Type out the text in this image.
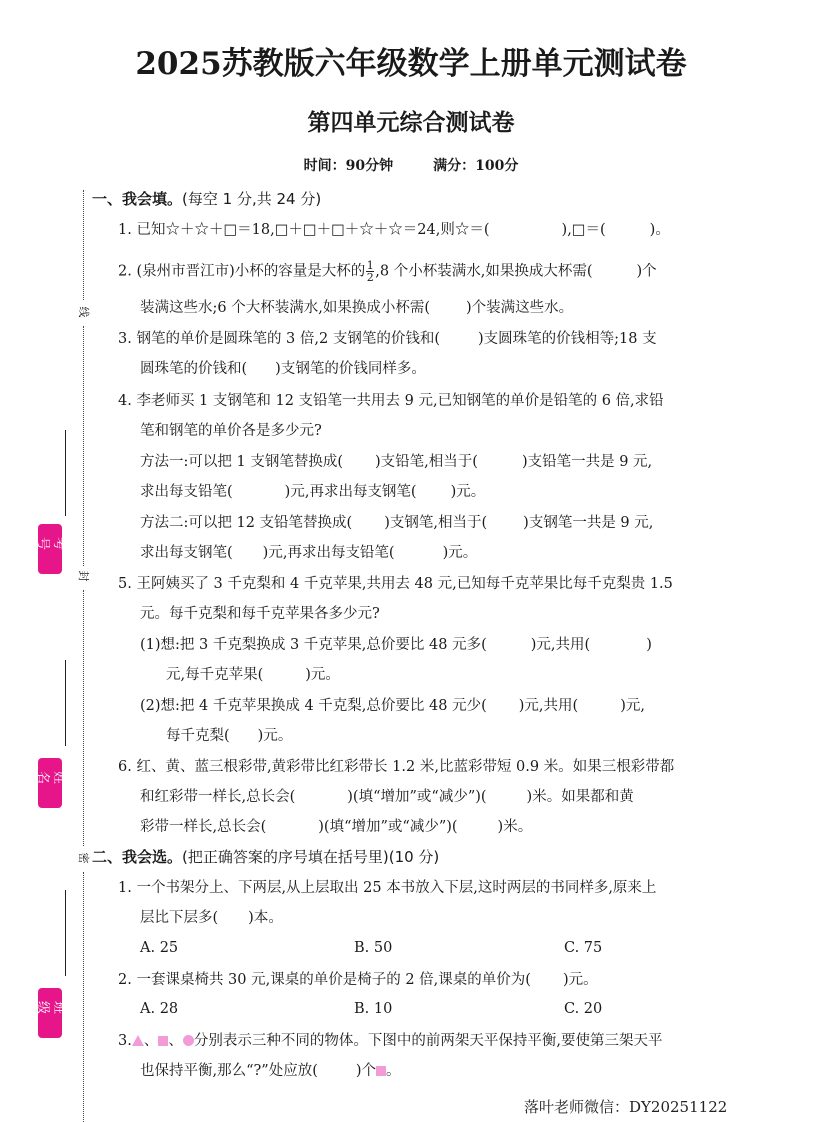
2025苏教版六年级数学上册单元测试卷
第四单元综合测试卷
时间：90分钟	满分：100分
线
封
密
考号
姓名
班级
一、我会填。(每空 1 分,共 24 分)
1. 已知☆＋☆＋□＝18,□＋□＋□＋☆＋☆＝24,则☆＝(	),□＝(	)。
2. (泉州市晋江市)小杯的容量是大杯的 $\frac{1}{2} ,8$ 个小杯装满水,如果换成大杯需(	)个
装满这些水;6 个大杯装满水,如果换成小杯需( )个装满这些水。
3. 钢笔的单价是圆珠笔的 3 倍,2 支钢笔的价钱和(	)支圆珠笔的价钱相等;18 支
圆珠笔的价钱和( )支钢笔的价钱同样多。
4. 李老师买 1 支钢笔和 12 支铅笔一共用去 9 元,已知钢笔的单价是铅笔的 6 倍,求铅
笔和钢笔的单价各是多少元?
方法一:可以把 1 支钢笔替换成( )支铅笔,相当于(	)支铅笔一共是 9 元,
求出每支铅笔(	)元,再求出每支钢笔( )元。
方法二:可以把 12 支铅笔替换成( )支钢笔,相当于( )支钢笔一共是 9 元,
求出每支钢笔( )元,再求出每支铅笔(	)元。
5. 王阿姨买了 3 千克梨和 4 千克苹果,共用去 48 元,已知每千克苹果比每千克梨贵 1.5
元。每千克梨和每千克苹果各多少元?
(1)想:把 3 千克梨换成 3 千克苹果,总价要比 48 元多(	)元,共用(	)
元,每千克苹果(	)元。
(2)想:把 4 千克苹果换成 4 千克梨,总价要比 48 元少( )元,共用(	)元,
每千克梨( )元。
6. 红、黄、蓝三根彩带,黄彩带比红彩带长 1.2 米,比蓝彩带短 0.9 米。如果三根彩带都
和红彩带一样长,总长会(	)(填“增加”或“减少”)(	)米。如果都和黄
彩带一样长,总长会(	)(填“增加”或“减少”)(	)米。
二、我会选。(把正确答案的序号填在括号里)(10 分)
1. 一个书架分上、下两层,从上层取出 25 本书放入下层,这时两层的书同样多,原来上
层比下层多( )本。
A. 25	B. 50	C. 75
2. 一套课桌椅共 30 元,课桌的单价是椅子的 2 倍,课桌的单价为( )元。
A. 28	B. 10	C. 20
3. 、 、 分别表示三种不同的物体。下图中的前两架天平保持平衡,要使第三架天平
也保持平衡,那么“?”处应放(	)个 。
落叶老师微信：DY20251122
